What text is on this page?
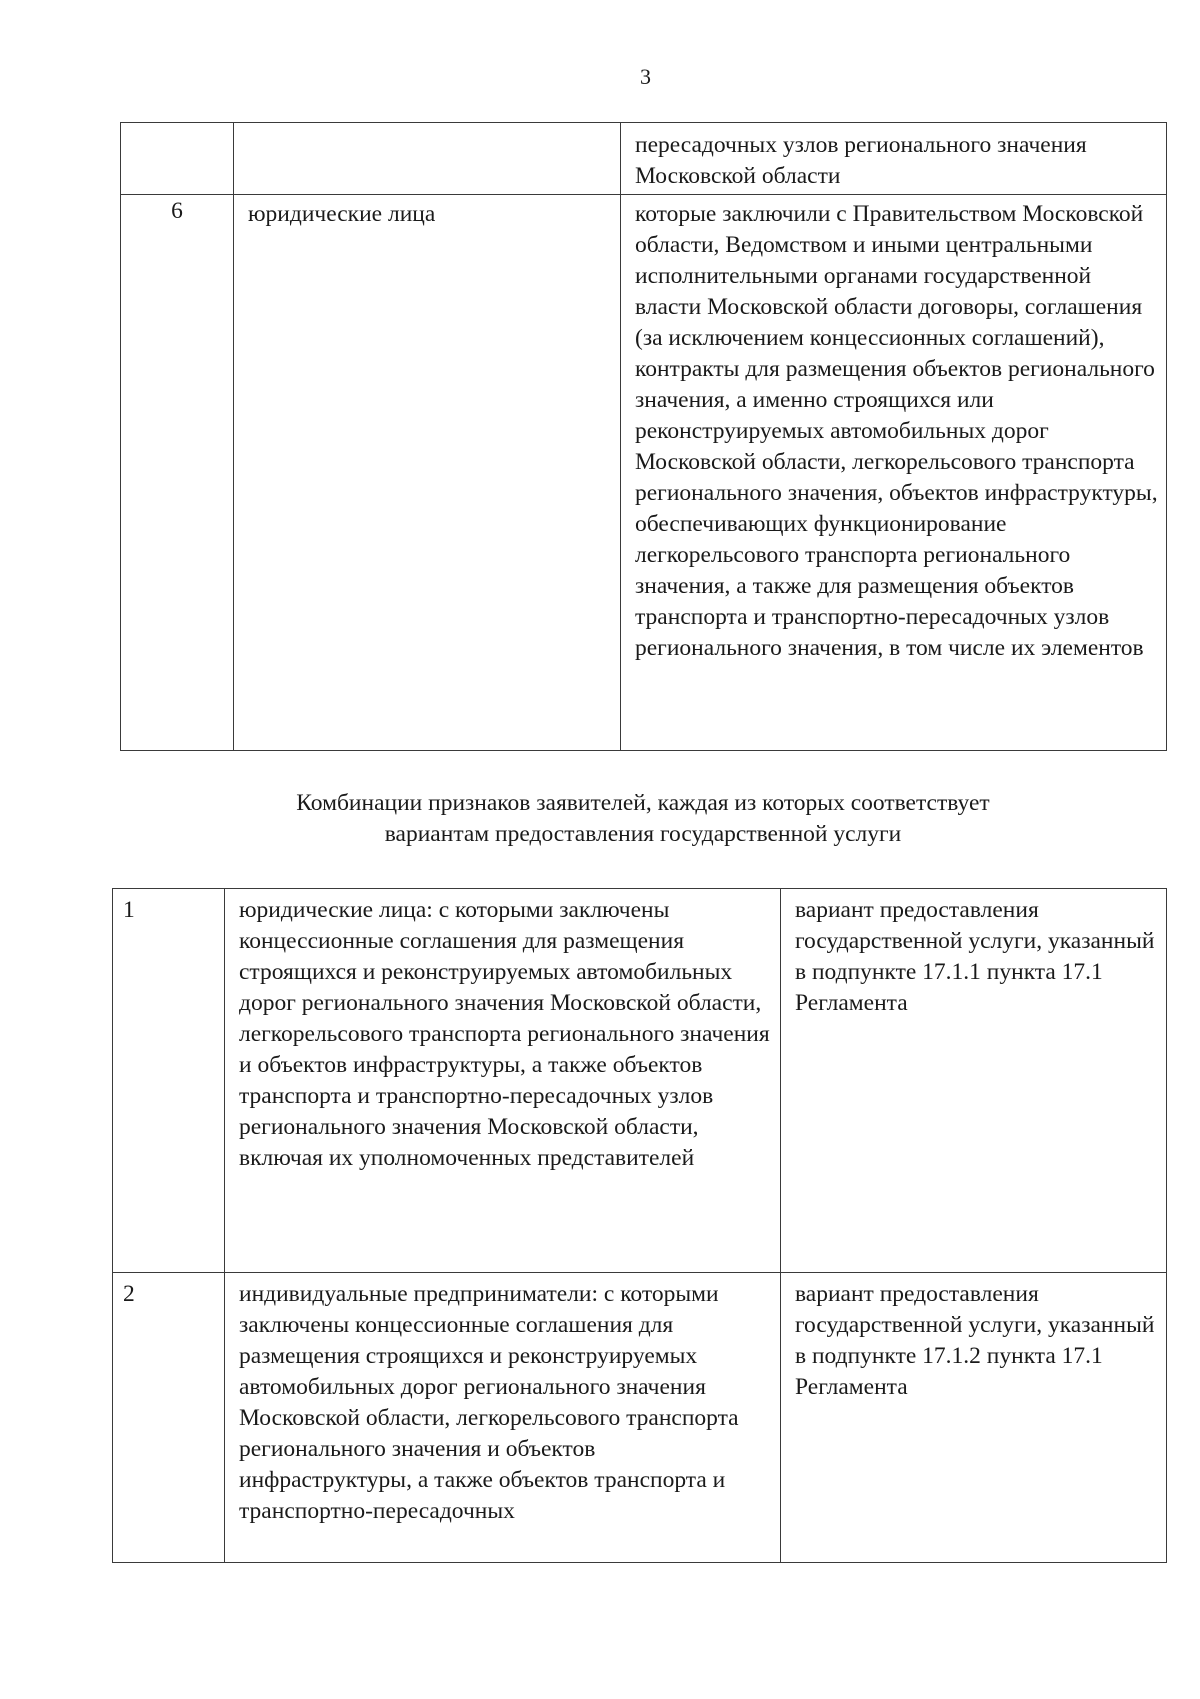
3
		пересадочных узлов регионального значения Московской области
6	юридические лица	которые заключили с Правительством Московской области, Ведомством и иными центральными исполнительными органами государственной власти Московской области договоры, соглашения (за исключением концессионных соглашений), контракты для размещения объектов регионального значения, а именно строящихся или реконструируемых автомобильных дорог Московской области, легкорельсового транспорта регионального значения, объектов инфраструктуры, обеспечивающих функционирование легкорельсового транспорта регионального значения, а также для размещения объектов транспорта и транспортно-пересадочных узлов регионального значения, в том числе их элементов
Комбинации признаков заявителей, каждая из которых соответствует
вариантам предоставления государственной услуги
1	юридические лица: с которыми заключены концессионные соглашения для размещения строящихся и реконструируемых автомобильных дорог регионального значения Московской области, легкорельсового транспорта регионального значения и объектов инфраструктуры, а также объектов транспорта и транспортно-пересадочных узлов регионального значения Московской области, включая их уполномоченных представителей	вариант предоставления государственной услуги, указанный в подпункте 17.1.1 пункта 17.1 Регламента
2	индивидуальные предприниматели: с которыми заключены концессионные соглашения для размещения строящихся и реконструируемых автомобильных дорог регионального значения Московской области, легкорельсового транспорта регионального значения и объектов инфраструктуры, а также объектов транспорта и транспортно-пересадочных	вариант предоставления государственной услуги, указанный в подпункте 17.1.2 пункта 17.1 Регламента
